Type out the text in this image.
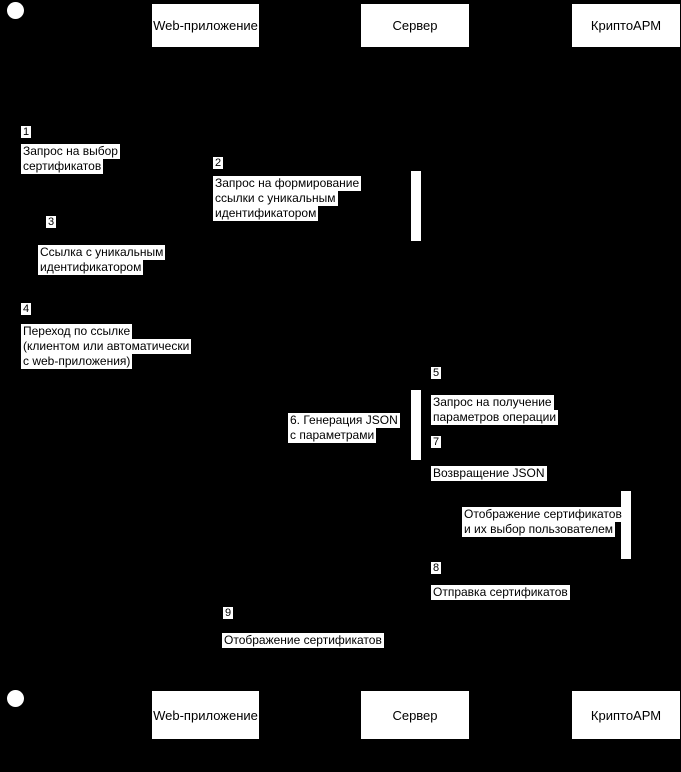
Web-приложение	Сервер	КриптоАРМ
1
Запрос на выбор
сертификатов	2
Запрос на формирование
ссылки с уникальным
идентификатором
3
Ссылка с уникальным
идентификатором
4
Переход по ссылке
(клиентом или автоматически
с web-приложения)
5
Запрос на получение
параметров операции
6. Генерация JSON
с параметрами	7
Возвращение JSON
Отображение сертификатов
и их выбор пользователем
8
Отправка сертификатов
9
Отображение сертификатов
Web-приложение	Сервер	КриптоАРМ
